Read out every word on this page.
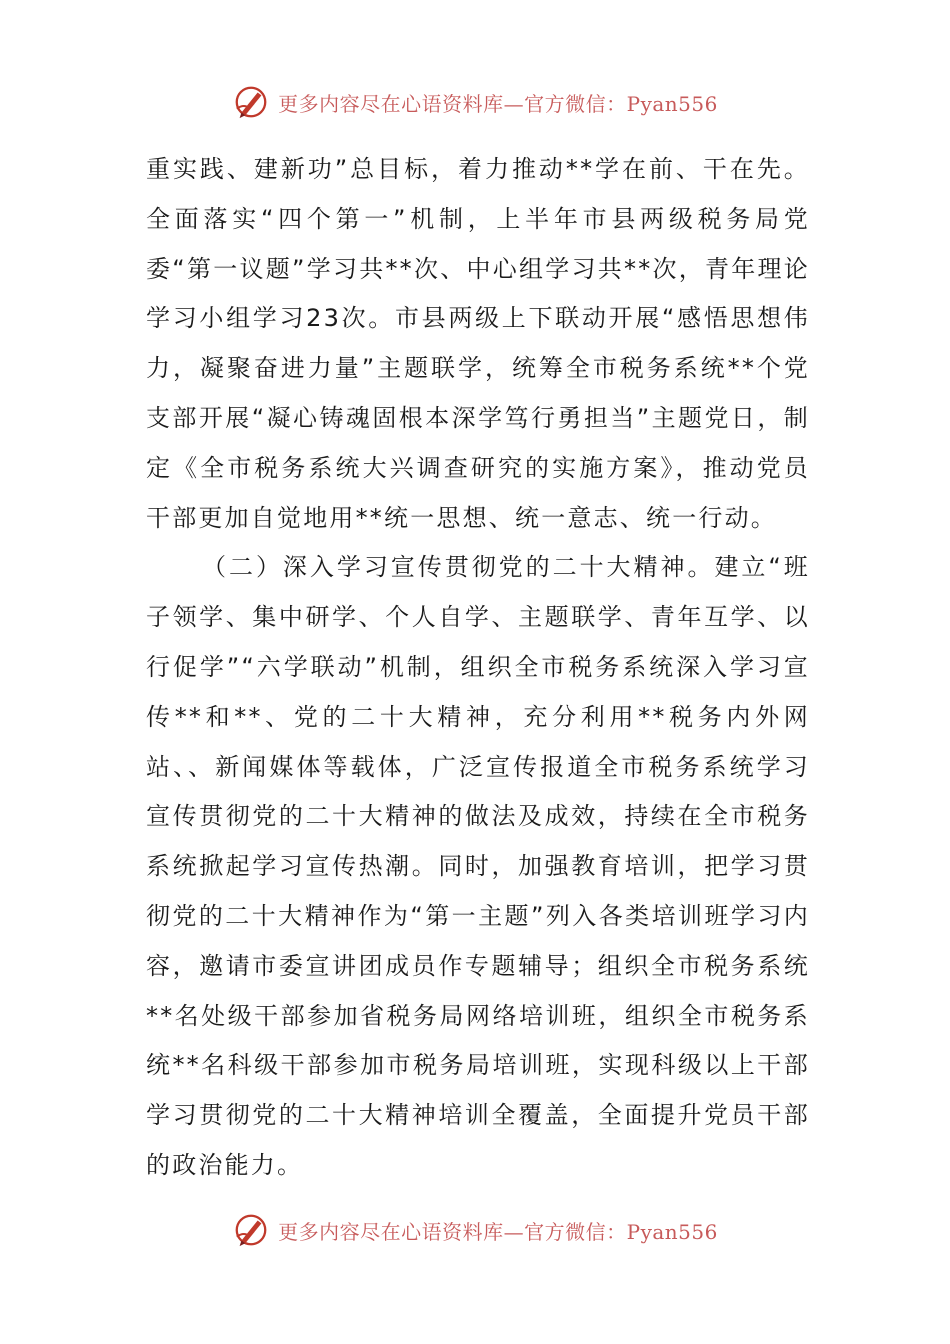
更多内容尽在心语资料库—官方微信：Pyan556

重实践、建新功”总目标，着力推动**学在前、干在先。全面落实“四个第一”机制，上半年市县两级税务局党委“第一议题”学习共**次、中心组学习共**次，青年理论学习小组学习23次。市县两级上下联动开展“感悟思想伟力，凝聚奋进力量”主题联学，统筹全市税务系统**个党支部开展“凝心铸魂固根本深学笃行勇担当”主题党日，制定《全市税务系统大兴调查研究的实施方案》，推动党员干部更加自觉地用**统一思想、统一意志、统一行动。

（二）深入学习宣传贯彻党的二十大精神。建立“班子领学、集中研学、个人自学、主题联学、青年互学、以行促学”“六学联动”机制，组织全市税务系统深入学习宣传**和**、党的二十大精神，充分利用**税务内外网站、、新闻媒体等载体，广泛宣传报道全市税务系统学习宣传贯彻党的二十大精神的做法及成效，持续在全市税务系统掀起学习宣传热潮。同时，加强教育培训，把学习贯彻党的二十大精神作为“第一主题”列入各类培训班学习内容，邀请市委宣讲团成员作专题辅导；组织全市税务系统**名处级干部参加省税务局网络培训班，组织全市税务系统**名科级干部参加市税务局培训班，实现科级以上干部学习贯彻党的二十大精神培训全覆盖，全面提升党员干部的政治能力。

更多内容尽在心语资料库—官方微信：Pyan556
